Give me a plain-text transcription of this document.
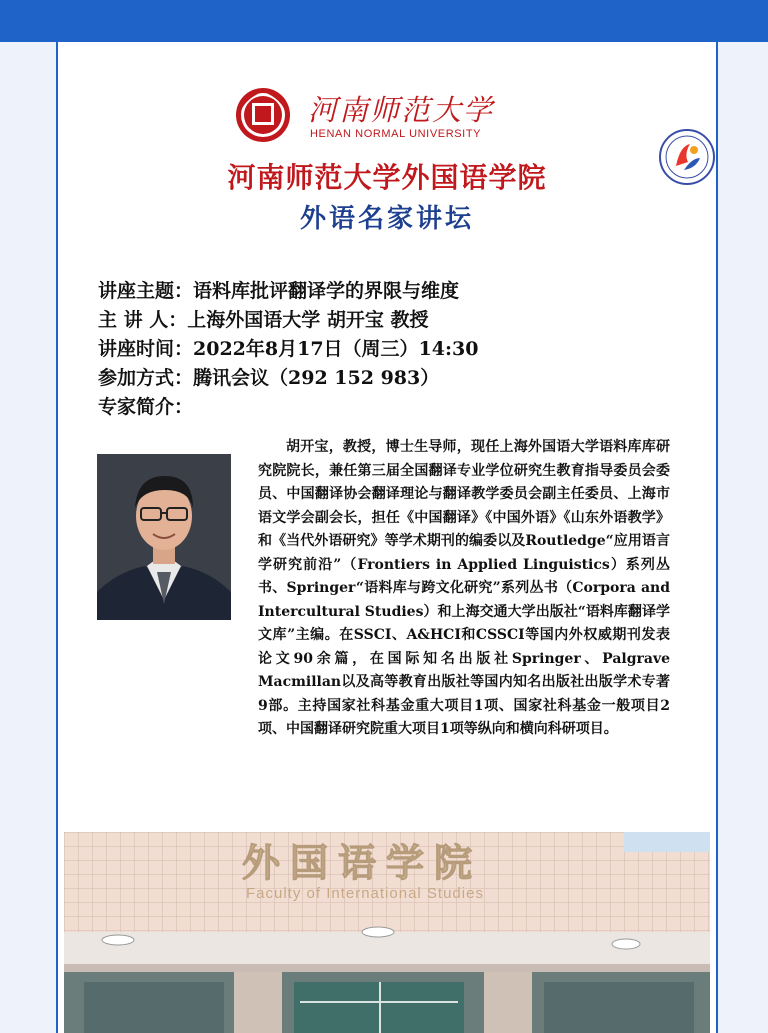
河南师范大学
HENAN NORMAL UNIVERSITY
河南师范大学外国语学院
外语名家讲坛
讲座主题：语料库批评翻译学的界限与维度
主 讲 人：上海外国语大学 胡开宝 教授
讲座时间：2022年8月17日（周三）14:30
参加方式：腾讯会议（292 152 983）
专家简介：
胡开宝，教授，博士生导师，现任上海外国语大学语料库库研究院院长，兼任第三届全国翻译专业学位研究生教育指导委员会委员、中国翻译协会翻译理论与翻译教学委员会副主任委员、上海市语文学会副会长，担任《中国翻译》《中国外语》《山东外语教学》和《当代外语研究》等学术期刊的编委以及Routledge“应用语言学研究前沿”（Frontiers in Applied Linguistics）系列丛书、Springer“语料库与跨文化研究”系列丛书（Corpora and Intercultural Studies）和上海交通大学出版社“语料库翻译学文库”主编。在SSCI、A&HCI和CSSCI等国内外权威期刊发表论文90余篇，在国际知名出版社Springer、Palgrave Macmillan以及高等教育出版社等国内知名出版社出版学术专著9部。主持国家社科基金重大项目1项、国家社科基金一般项目2项、中国翻译研究院重大项目1项等纵向和横向科研项目。
外国语学院
Faculty of International Studies
